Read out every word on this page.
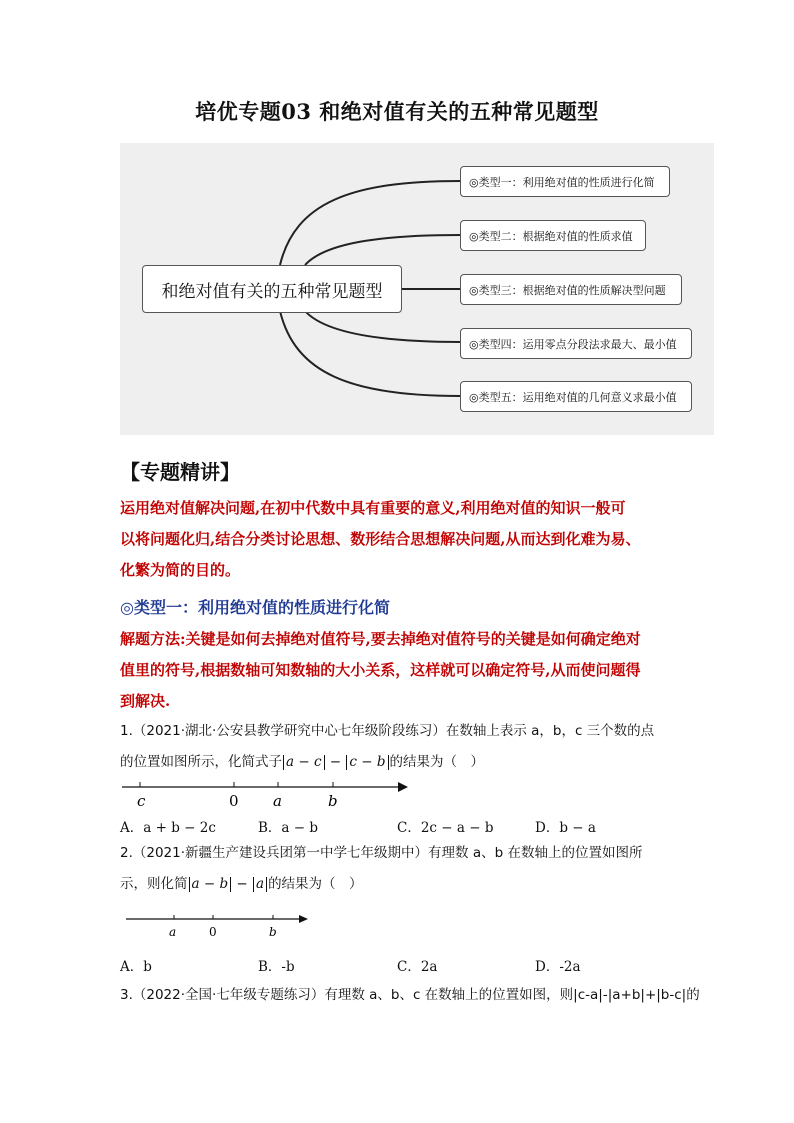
培优专题03 和绝对值有关的五种常见题型
和绝对值有关的五种常见题型
◎类型一：利用绝对值的性质进行化简
◎类型二：根据绝对值的性质求值
◎类型三：根据绝对值的性质解决型问题
◎类型四：运用零点分段法求最大、最小值
◎类型五：运用绝对值的几何意义求最小值
【专题精讲】
运用绝对值解决问题,在初中代数中具有重要的意义,利用绝对值的知识一般可
以将问题化归,结合分类讨论思想、数形结合思想解决问题,从而达到化难为易、
化繁为简的目的。
◎类型一：利用绝对值的性质进行化简
解题方法:关键是如何去掉绝对值符号,要去掉绝对值符号的关键是如何确定绝对
值里的符号,根据数轴可知数轴的大小关系，这样就可以确定符号,从而使问题得
到解决.
1.（2021·湖北·公安县教学研究中心七年级阶段练习）在数轴上表示 a，b，c 三个数的点
的位置如图所示，化简式子 a − c − c − b 的结果为（　）
c	0 a	b
A．a + b − 2c	B．a − b	C．2c − a − b	D．b − a
2.（2021·新疆生产建设兵团第一中学七年级期中）有理数 a、b 在数轴上的位置如图所
示，则化简 a − b − a 的结果为（　）
a	0	b
A．b	B．-b	C．2a	D．-2a
3.（2022·全国·七年级专题练习）有理数 a、b、c 在数轴上的位置如图，则|c-a|-|a+b|+|b-c|的
